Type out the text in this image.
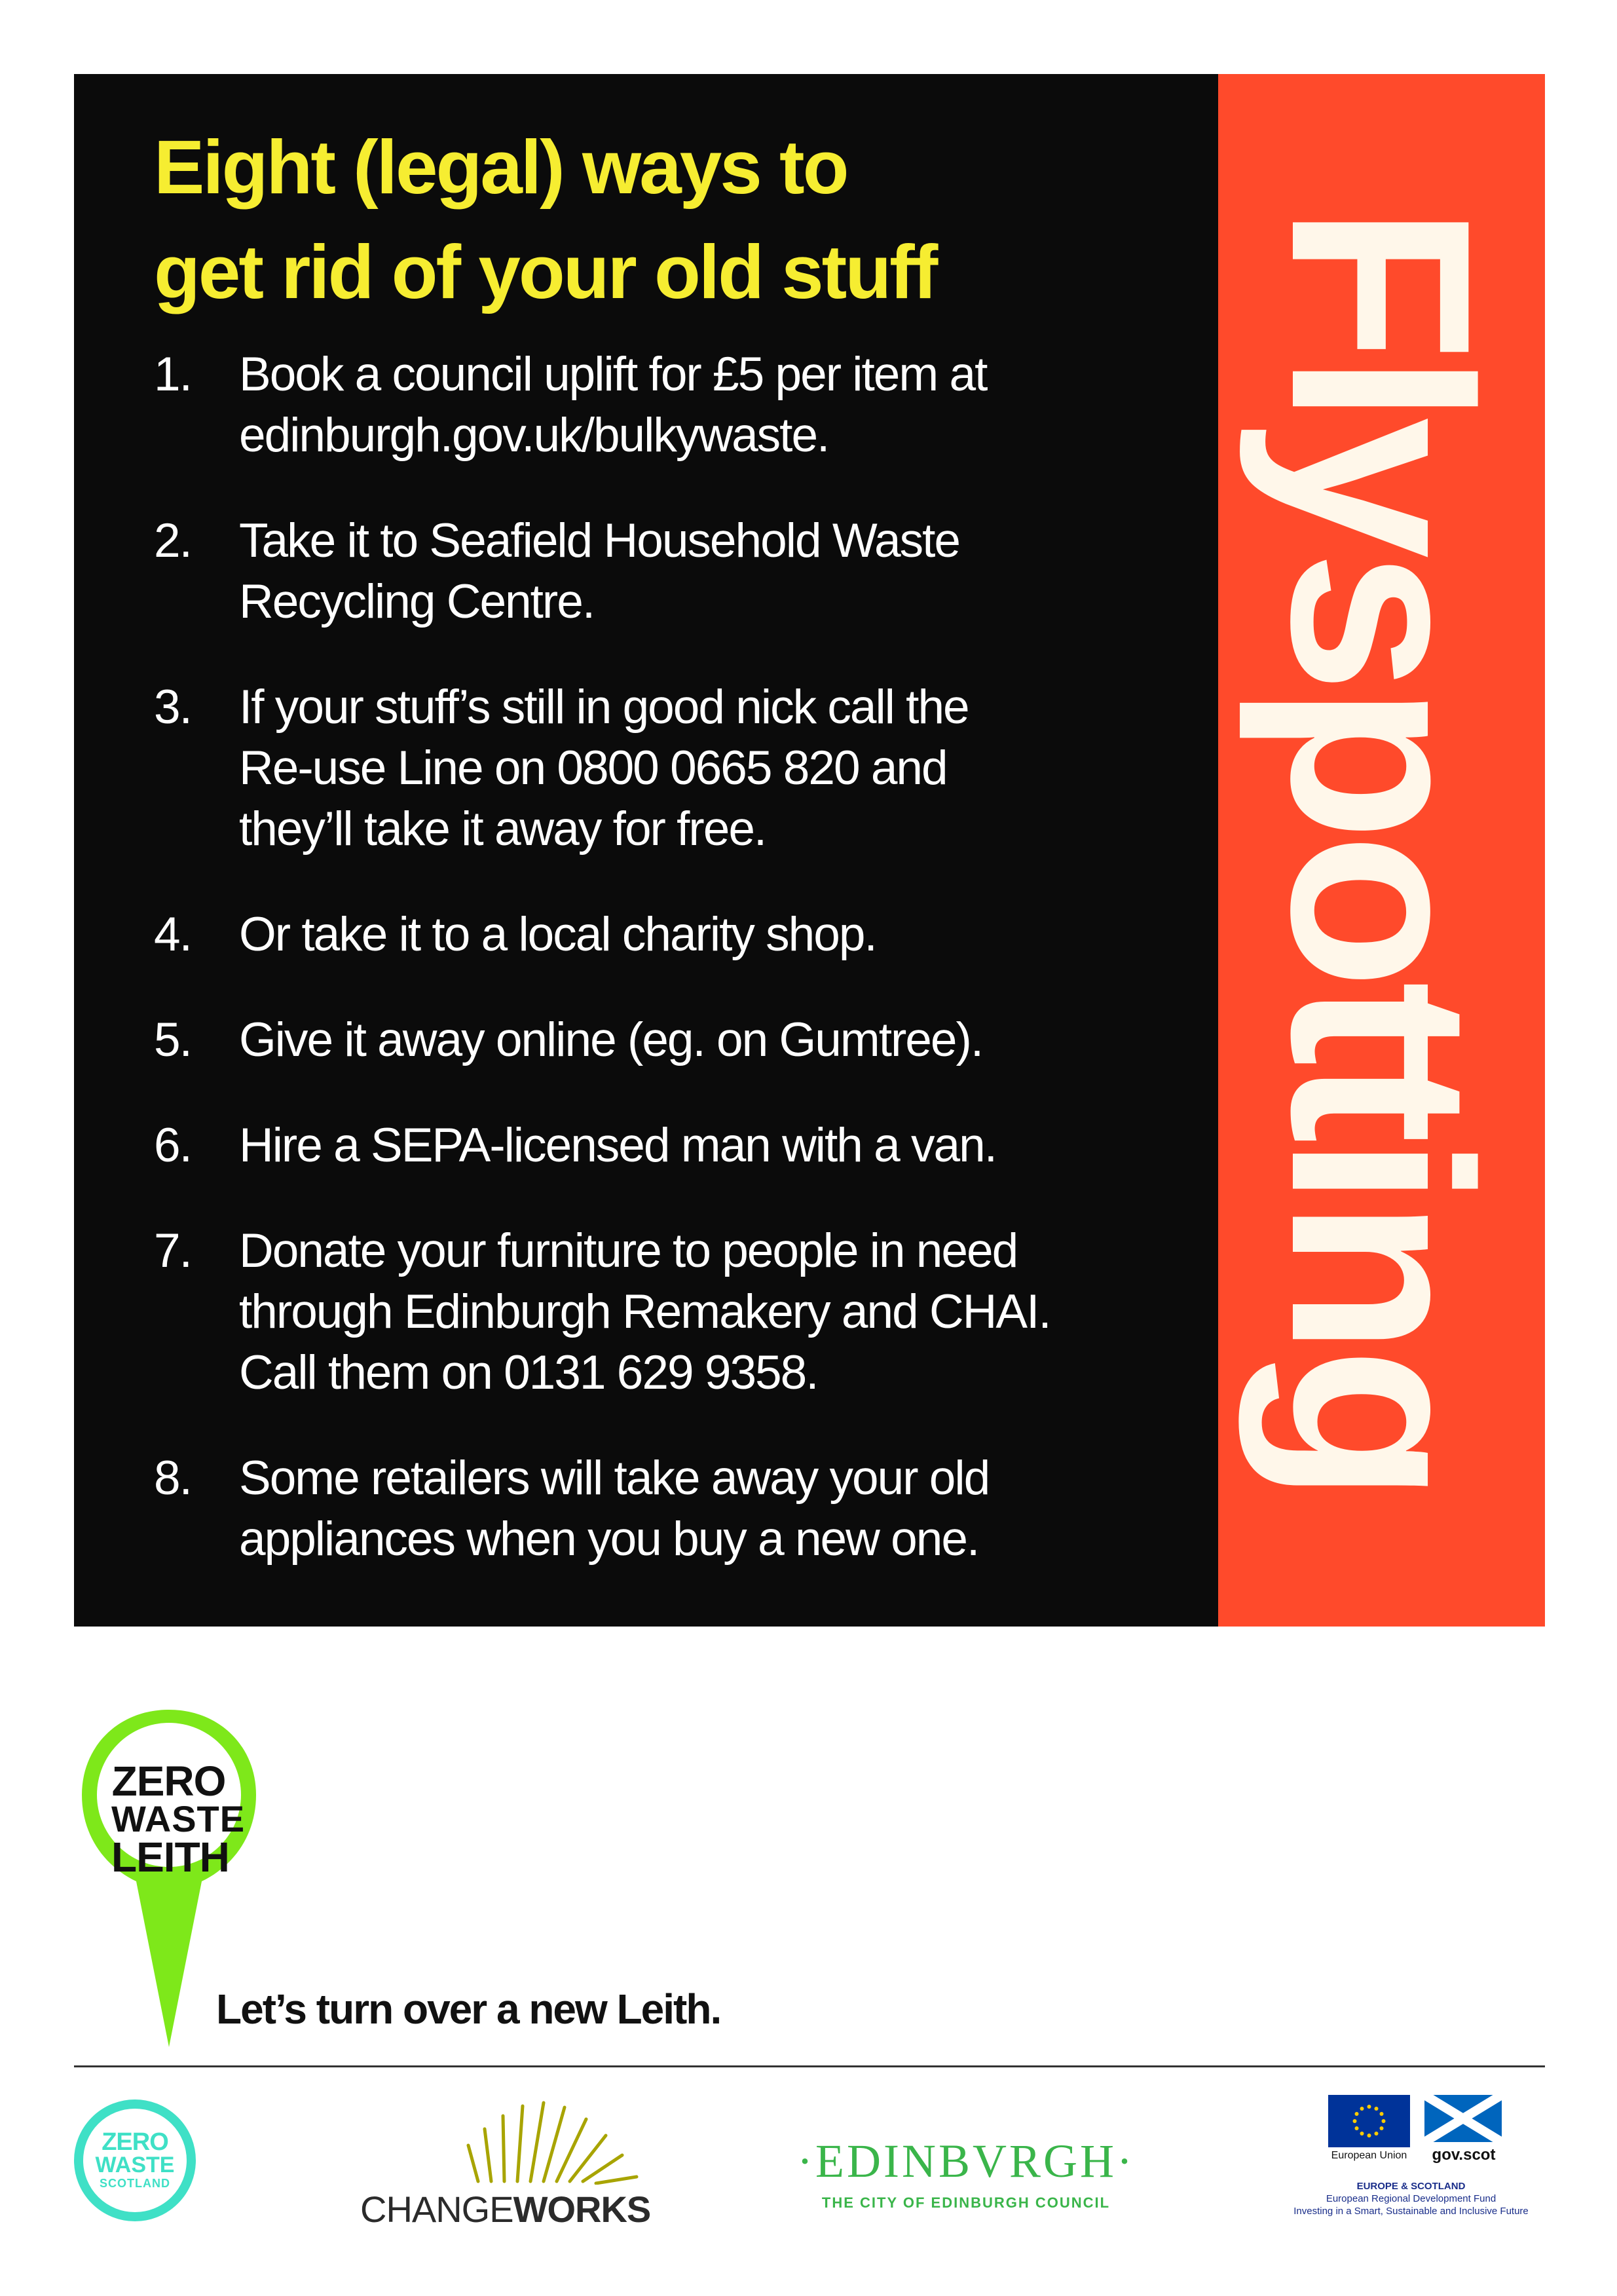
Eight (legal) ways to
get rid of your old stuff
1. Book a council uplift for £5 per item at
edinburgh.gov.uk/bulkywaste.
2. Take it to Seafield Household Waste
Recycling Centre.
3. If your stuff’s still in good nick call the
Re-use Line on 0800 0665 820 and
they’ll take it away for free.
4. Or take it to a local charity shop.
5. Give it away online (eg. on Gumtree).
6. Hire a SEPA-licensed man with a van.
7. Donate your furniture to people in need
through Edinburgh Remakery and CHAI.
Call them on 0131 629 9358.
8. Some retailers will take away your old
appliances when you buy a new one.
Flyspotting
ZERO
WASTE
LEITH
Let’s turn over a new Leith.
ZERO
WASTE
SCOTLAND
CHANGEWORKS
·EDINBVRGH·
THE CITY OF EDINBURGH COUNCIL
European Union	gov.scot
EUROPE & SCOTLAND
European Regional Development Fund
Investing in a Smart, Sustainable and Inclusive Future
